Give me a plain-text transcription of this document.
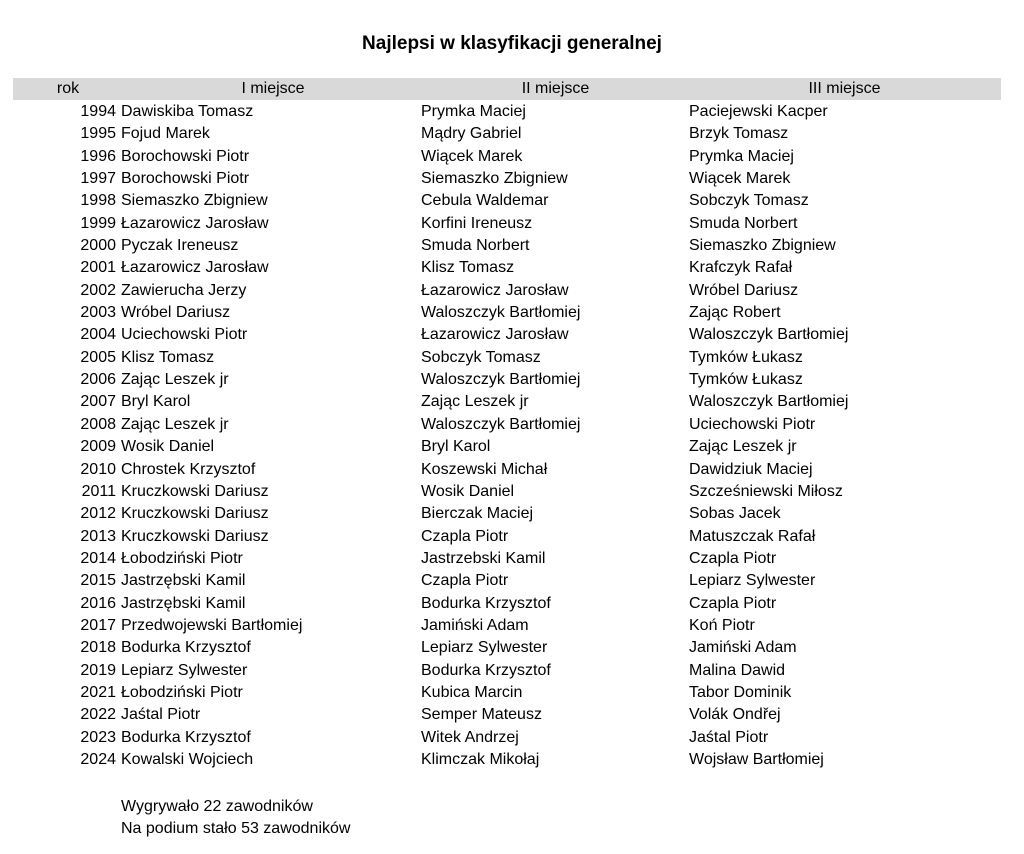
Najlepsi w klasyfikacji generalnej
rok	I miejsce	II miejsce	III miejsce
1994 Dawiskiba Tomasz	Prymka Maciej	Paciejewski Kacper
1995 Fojud Marek	Mądry Gabriel	Brzyk Tomasz
1996 Borochowski Piotr	Wiącek Marek	Prymka Maciej
1997 Borochowski Piotr	Siemaszko Zbigniew	Wiącek Marek
1998 Siemaszko Zbigniew	Cebula Waldemar	Sobczyk Tomasz
1999 Łazarowicz Jarosław	Korfini Ireneusz	Smuda Norbert
2000 Pyczak Ireneusz	Smuda Norbert	Siemaszko Zbigniew
2001 Łazarowicz Jarosław	Klisz Tomasz	Krafczyk Rafał
2002 Zawierucha Jerzy	Łazarowicz Jarosław	Wróbel Dariusz
2003 Wróbel Dariusz	Waloszczyk Bartłomiej	Zając Robert
2004 Uciechowski Piotr	Łazarowicz Jarosław	Waloszczyk Bartłomiej
2005 Klisz Tomasz	Sobczyk Tomasz	Tymków Łukasz
2006 Zając Leszek jr	Waloszczyk Bartłomiej	Tymków Łukasz
2007 Bryl Karol	Zając Leszek jr	Waloszczyk Bartłomiej
2008 Zając Leszek jr	Waloszczyk Bartłomiej	Uciechowski Piotr
2009 Wosik Daniel	Bryl Karol	Zając Leszek jr
2010 Chrostek Krzysztof	Koszewski Michał	Dawidziuk Maciej
2011 Kruczkowski Dariusz	Wosik Daniel	Szcześniewski Miłosz
2012 Kruczkowski Dariusz	Bierczak Maciej	Sobas Jacek
2013 Kruczkowski Dariusz	Czapla Piotr	Matuszczak Rafał
2014 Łobodziński Piotr	Jastrzebski Kamil	Czapla Piotr
2015 Jastrzębski Kamil	Czapla Piotr	Lepiarz Sylwester
2016 Jastrzębski Kamil	Bodurka Krzysztof	Czapla Piotr
2017 Przedwojewski Bartłomiej	Jamiński Adam	Koń Piotr
2018 Bodurka Krzysztof	Lepiarz Sylwester	Jamiński Adam
2019 Lepiarz Sylwester	Bodurka Krzysztof	Malina Dawid
2021 Łobodziński Piotr	Kubica Marcin	Tabor Dominik
2022 Jaśtal Piotr	Semper Mateusz	Volák Ondřej
2023 Bodurka Krzysztof	Witek Andrzej	Jaśtal Piotr
2024 Kowalski Wojciech	Klimczak Mikołaj	Wojsław Bartłomiej
Wygrywało 22 zawodników
Na podium stało 53 zawodników
